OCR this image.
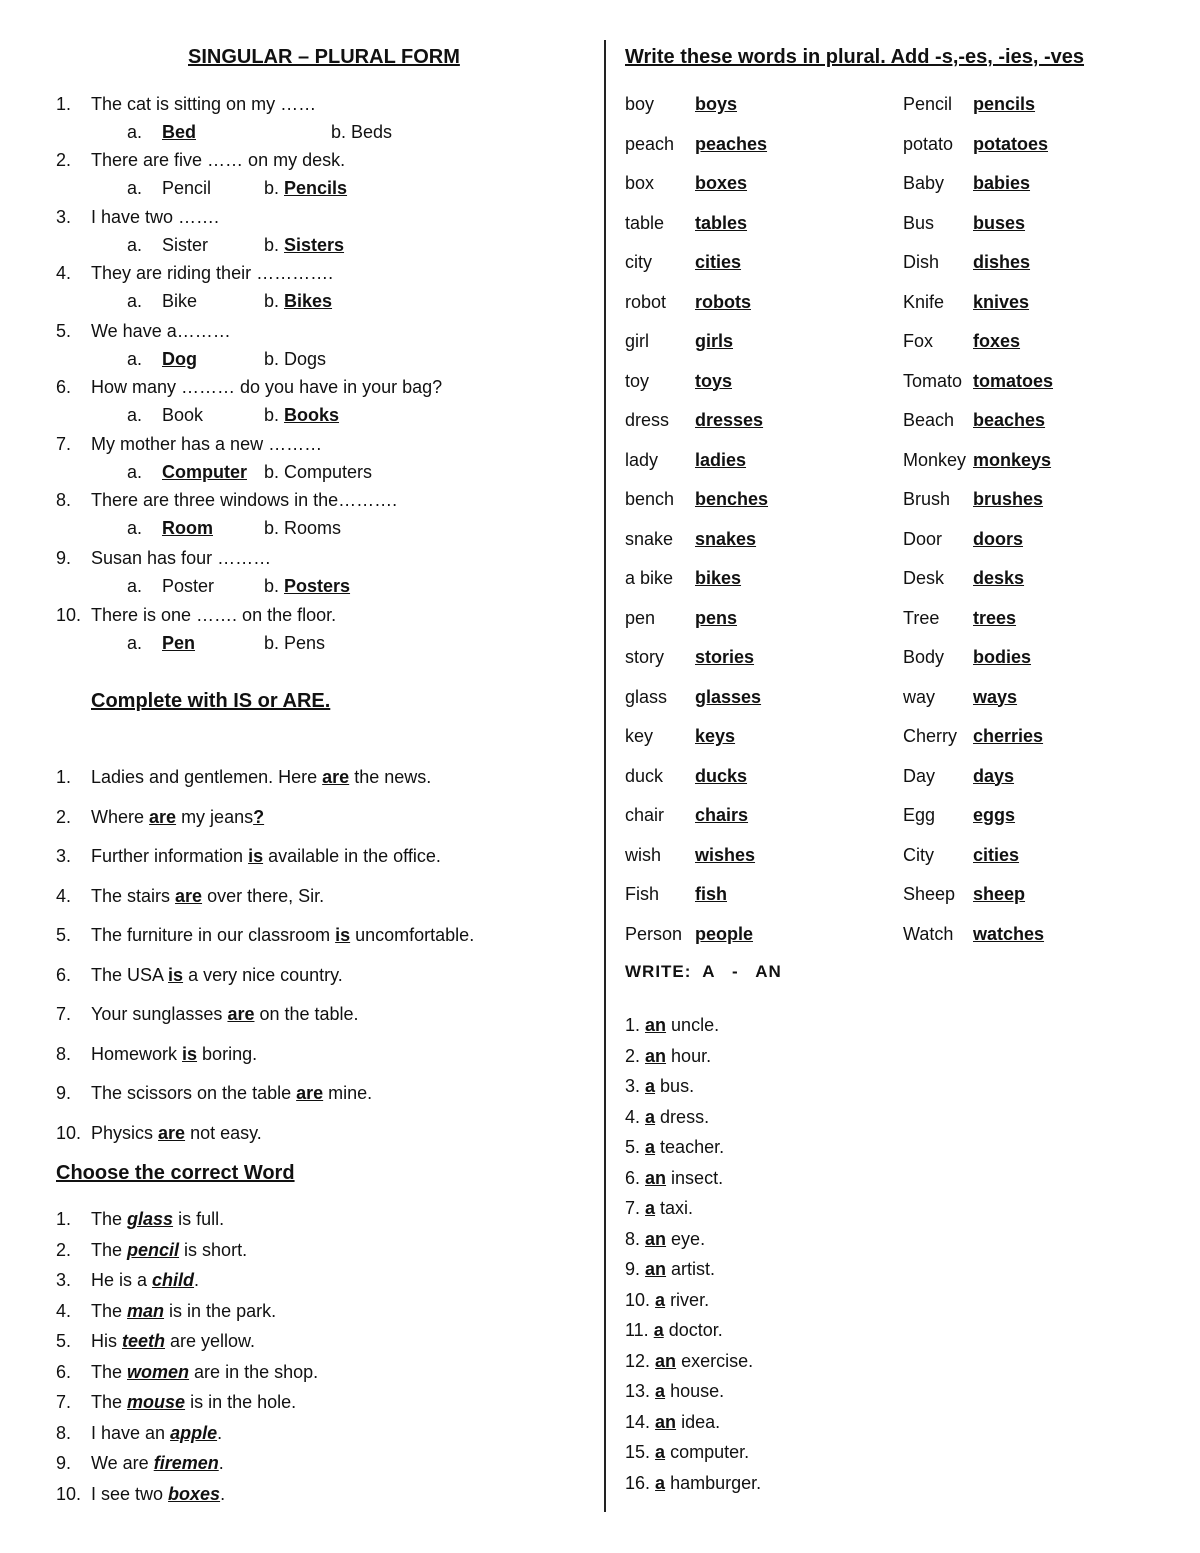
SINGULAR – PLURAL FORM
1. The cat is sitting on my ……
a. Bed	b. Beds
2. There are five …… on my desk.
a. Pencil	b. Pencils
3. I have two …….
a. Sister	b. Sisters
4. They are riding their ………….
a. Bike	b. Bikes
5. We have a………
a. Dog	b. Dogs
6. How many ……… do you have in your bag?
a. Book	b. Books
7. My mother has a new ………
a. Computer b. Computers
8. There are three windows in the……….
a. Room	b. Rooms
9. Susan has four ………
a. Poster	b. Posters
10. There is one ……. on the floor.
a. Pen	b. Pens
Complete with IS or ARE.
1. Ladies and gentlemen. Here are the news.
2. Where are my jeans?
3. Further information is available in the office.
4. The stairs are over there, Sir.
5. The furniture in our classroom is uncomfortable.
6. The USA is a very nice country.
7. Your sunglasses are on the table.
8. Homework is boring.
9. The scissors on the table are mine.
10. Physics are not easy.
Choose the correct Word
1. The glass is full.
2. The pencil is short.
3. He is a child.
4. The man is in the park.
5. His teeth are yellow.
6. The women are in the shop.
7. The mouse is in the hole.
8. I have an apple.
9. We are firemen.
10. I see two boxes.
Write these words in plural. Add -s,-es, -ies, -ves
boy boys
peach peaches
box boxes
table tables
city cities
robot robots
girl	girls
toy	toys
dress dresses
lady ladies
bench benches
snake snakes
a bike bikes
pen pens
story stories
glass glasses
key keys
duck ducks
chair chairs
wish wishes
Fish fish
Person people
Pencil pencils
potato potatoes
Baby babies
Bus buses
Dish dishes
Knife knives
Fox foxes
Tomato tomatoes
Beach beaches
Monkey monkeys
Brush brushes
Door doors
Desk desks
Tree trees
Body bodies
way ways
Cherry cherries
Day days
Egg eggs
City cities
Sheep sheep
Watch watches
WRITE:  A   -   AN
1. an uncle.
2. an hour.
3. a bus.
4. a dress.
5. a teacher.
6. an insect.
7. a taxi.
8. an eye.
9. an artist.
10. a river.
11. a doctor.
12. an exercise.
13. a house.
14. an idea.
15. a computer.
16. a hamburger.
